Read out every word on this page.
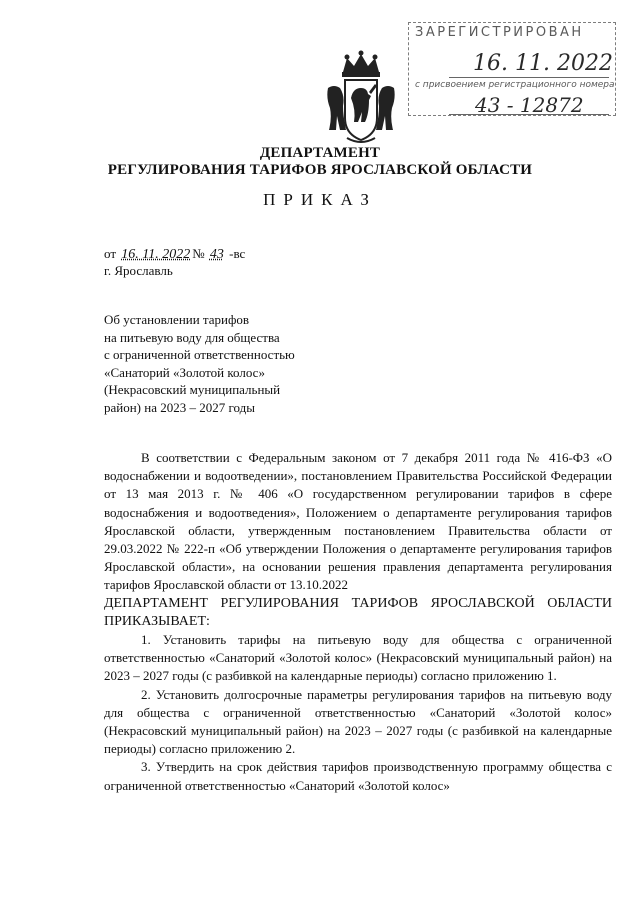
ЗАРЕГИСТРИРОВАН
16. 11. 2022
с присвоением регистрационного номера
43 - 12872
ДЕПАРТАМЕНТ
РЕГУЛИРОВАНИЯ ТАРИФОВ ЯРОСЛАВСКОЙ ОБЛАСТИ
ПРИКАЗ
от 16. 11. 2022 № 43 -вс
г. Ярославль
Об установлении тарифов
на питьевую воду для общества
с ограниченной ответственностью
«Санаторий «Золотой колос»
(Некрасовский муниципальный
район) на 2023 – 2027 годы

В соответствии с Федеральным законом от 7 декабря 2011 года № 416-ФЗ «О водоснабжении и водоотведении», постановлением Правительства Российской Федерации от 13 мая 2013 г. № 406 «О государственном регулировании тарифов в сфере водоснабжения и водоотведения», Положением о департаменте регулирования тарифов Ярославской области, утвержденным постановлением Правительства области от 29.03.2022 № 222-п «Об утверждении Положения о департаменте регулирования тарифов Ярославской области», на основании решения правления департамента регулирования тарифов Ярославской области от 13.10.2022

ДЕПАРТАМЕНТ РЕГУЛИРОВАНИЯ ТАРИФОВ ЯРОСЛАВСКОЙ ОБЛАСТИ ПРИКАЗЫВАЕТ:

1. Установить тарифы на питьевую воду для общества с ограниченной ответственностью «Санаторий «Золотой колос» (Некрасовский муниципальный район) на 2023 – 2027 годы (с разбивкой на календарные периоды) согласно приложению 1.

2. Установить долгосрочные параметры регулирования тарифов на питьевую воду для общества с ограниченной ответственностью «Санаторий «Золотой колос» (Некрасовский муниципальный район) на 2023 – 2027 годы (с разбивкой на календарные периоды) согласно приложению 2.

3. Утвердить на срок действия тарифов производственную программу общества с ограниченной ответственностью «Санаторий «Золотой колос»
